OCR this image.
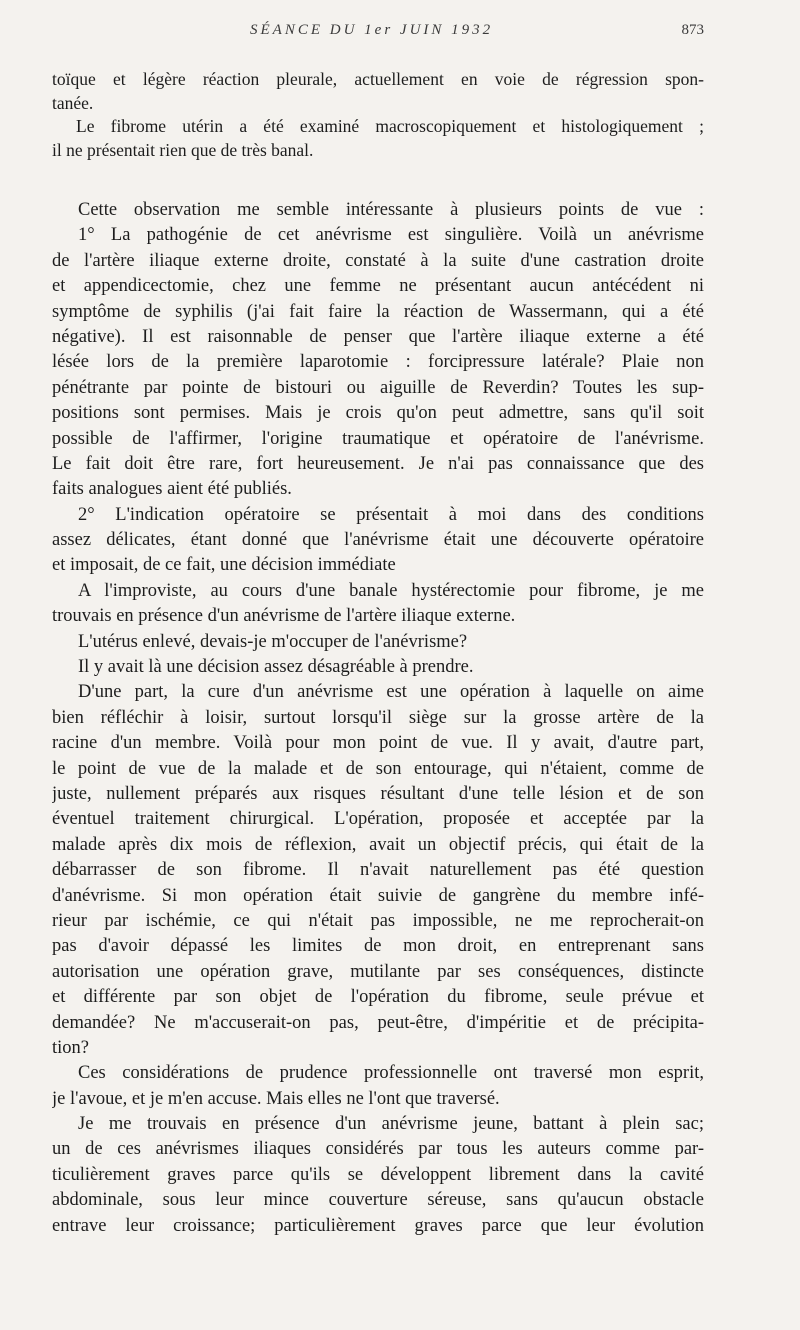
SÉANCE DU 1er JUIN 1932	873
toïque et légère réaction pleurale, actuellement en voie de régression spon-
tanée.
Le fibrome utérin a été examiné macroscopiquement et histologiquement ;
il ne présentait rien que de très banal.
Cette observation me semble intéressante à plusieurs points de vue :
1° La pathogénie de cet anévrisme est singulière. Voilà un anévrisme
de l'artère iliaque externe droite, constaté à la suite d'une castration droite
et appendicectomie, chez une femme ne présentant aucun antécédent ni
symptôme de syphilis (j'ai fait faire la réaction de Wassermann, qui a été
négative). Il est raisonnable de penser que l'artère iliaque externe a été
lésée lors de la première laparotomie : forcipressure latérale? Plaie non
pénétrante par pointe de bistouri ou aiguille de Reverdin? Toutes les sup-
positions sont permises. Mais je crois qu'on peut admettre, sans qu'il soit
possible de l'affirmer, l'origine traumatique et opératoire de l'anévrisme.
Le fait doit être rare, fort heureusement. Je n'ai pas connaissance que des
faits analogues aient été publiés.
2° L'indication opératoire se présentait à moi dans des conditions
assez délicates, étant donné que l'anévrisme était une découverte opératoire
et imposait, de ce fait, une décision immédiate
A l'improviste, au cours d'une banale hystérectomie pour fibrome, je me
trouvais en présence d'un anévrisme de l'artère iliaque externe.
L'utérus enlevé, devais-je m'occuper de l'anévrisme?
Il y avait là une décision assez désagréable à prendre.
D'une part, la cure d'un anévrisme est une opération à laquelle on aime
bien réfléchir à loisir, surtout lorsqu'il siège sur la grosse artère de la
racine d'un membre. Voilà pour mon point de vue. Il y avait, d'autre part,
le point de vue de la malade et de son entourage, qui n'étaient, comme de
juste, nullement préparés aux risques résultant d'une telle lésion et de son
éventuel traitement chirurgical. L'opération, proposée et acceptée par la
malade après dix mois de réflexion, avait un objectif précis, qui était de la
débarrasser de son fibrome. Il n'avait naturellement pas été question
d'anévrisme. Si mon opération était suivie de gangrène du membre infé-
rieur par ischémie, ce qui n'était pas impossible, ne me reprocherait-on
pas d'avoir dépassé les limites de mon droit, en entreprenant sans
autorisation une opération grave, mutilante par ses conséquences, distincte
et différente par son objet de l'opération du fibrome, seule prévue et
demandée? Ne m'accuserait-on pas, peut-être, d'impéritie et de précipita-
tion?
Ces considérations de prudence professionnelle ont traversé mon esprit,
je l'avoue, et je m'en accuse. Mais elles ne l'ont que traversé.
Je me trouvais en présence d'un anévrisme jeune, battant à plein sac;
un de ces anévrismes iliaques considérés par tous les auteurs comme par-
ticulièrement graves parce qu'ils se développent librement dans la cavité
abdominale, sous leur mince couverture séreuse, sans qu'aucun obstacle
entrave leur croissance; particulièrement graves parce que leur évolution
